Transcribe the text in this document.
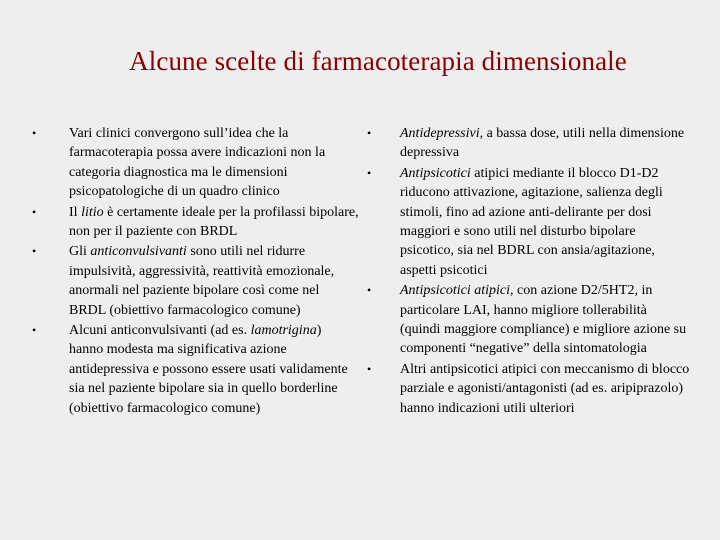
Alcune scelte di farmacoterapia dimensionale
• Vari clinici convergono sull’idea che la farmacoterapia possa avere indicazioni non la categoria diagnostica ma le dimensioni psicopatologiche di un quadro clinico
• Il litio è certamente ideale per la profilassi bipolare, non per il paziente con BRDL
• Gli anticonvulsivanti sono utili nel ridurre impulsività, aggressività, reattività emozionale, anormali nel paziente bipolare così come nel BRDL (obiettivo farmacologico comune)
• Alcuni anticonvulsivanti (ad es. lamotrigina) hanno modesta ma significativa azione antidepressiva e possono essere usati validamente sia nel paziente bipolare sia in quello borderline (obiettivo farmacologico comune)
• Antidepressivi, a bassa dose, utili nella dimensione depressiva
• Antipsicotici atipici mediante il blocco D1-D2 riducono attivazione, agitazione, salienza degli stimoli, fino ad azione anti-delirante per dosi maggiori e sono utili nel disturbo bipolare psicotico, sia nel BDRL con ansia/agitazione, aspetti psicotici
• Antipsicotici atipici, con azione D2/5HT2, in particolare LAI, hanno migliore tollerabilità (quindi maggiore compliance) e migliore azione su componenti “negative” della sintomatologia
• Altri antipsicotici atipici con meccanismo di blocco parziale e agonisti/antagonisti (ad es. aripiprazolo) hanno indicazioni utili ulteriori
